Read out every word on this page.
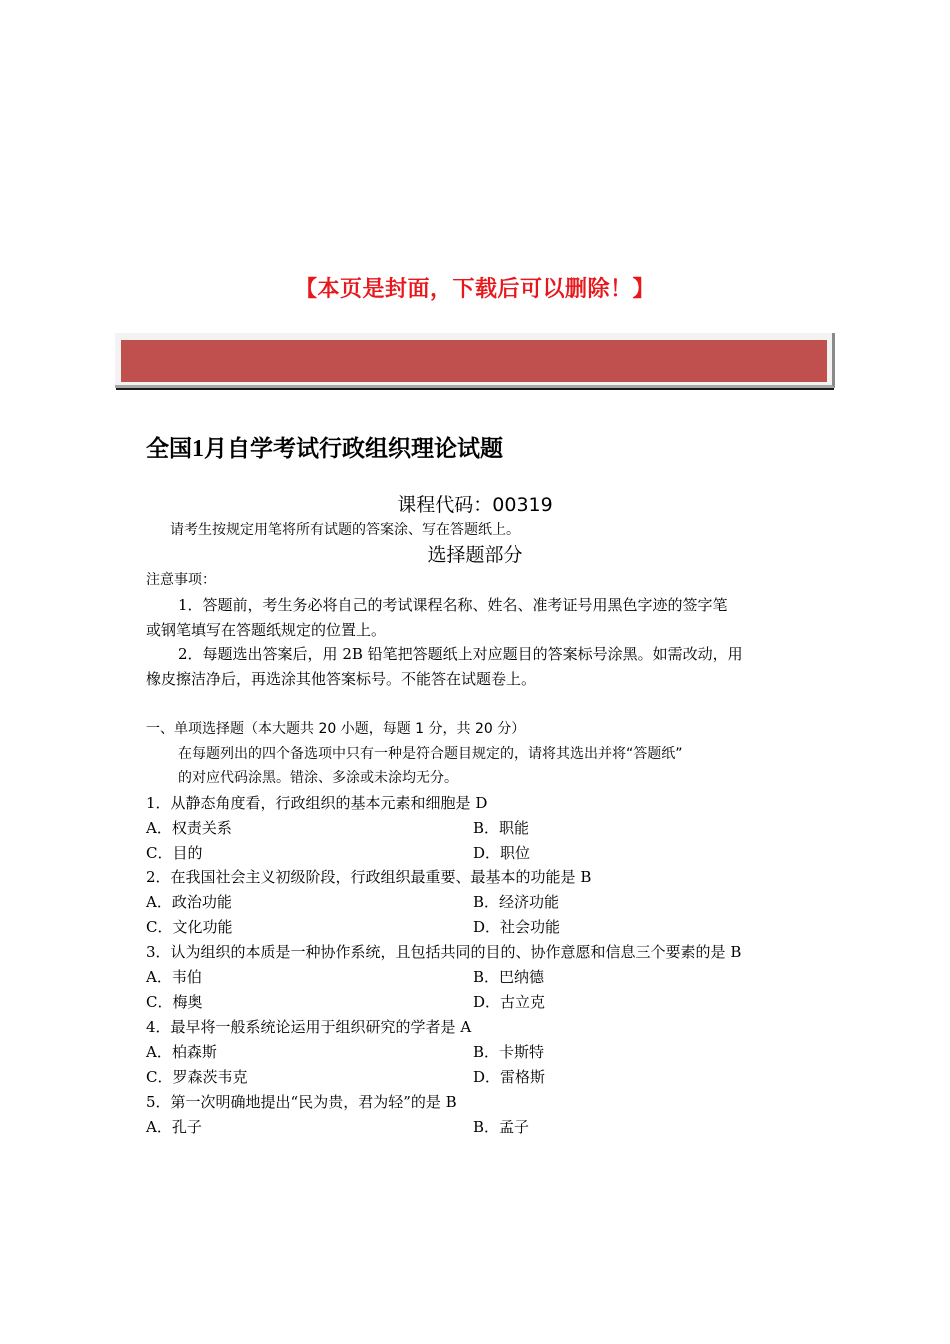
【本页是封面，下载后可以删除！】
全国1月自学考试行政组织理论试题
课程代码：00319
请考生按规定用笔将所有试题的答案涂、写在答题纸上。
选择题部分
注意事项：
1．答题前，考生务必将自己的考试课程名称、姓名、准考证号用黑色字迹的签字笔
或钢笔填写在答题纸规定的位置上。
2．每题选出答案后，用 2B 铅笔把答题纸上对应题目的答案标号涂黑。如需改动，用
橡皮擦洁净后，再选涂其他答案标号。不能答在试题卷上。
一、单项选择题（本大题共 20 小题，每题 1 分，共 20 分）
在每题列出的四个备选项中只有一种是符合题目规定的，请将其选出并将“答题纸”
的对应代码涂黑。错涂、多涂或未涂均无分。
1．从静态角度看，行政组织的基本元素和细胞是 D
A．权责关系	B．职能
C．目的	D．职位
2．在我国社会主义初级阶段，行政组织最重要、最基本的功能是 B
A．政治功能	B．经济功能
C．文化功能	D．社会功能
3．认为组织的本质是一种协作系统，且包括共同的目的、协作意愿和信息三个要素的是 B
A．韦伯	B．巴纳德
C．梅奥	D．古立克
4．最早将一般系统论运用于组织研究的学者是 A
A．柏森斯	B．卡斯特
C．罗森茨韦克	D．雷格斯
5．第一次明确地提出“民为贵，君为轻”的是 B
A．孔子	B．孟子
